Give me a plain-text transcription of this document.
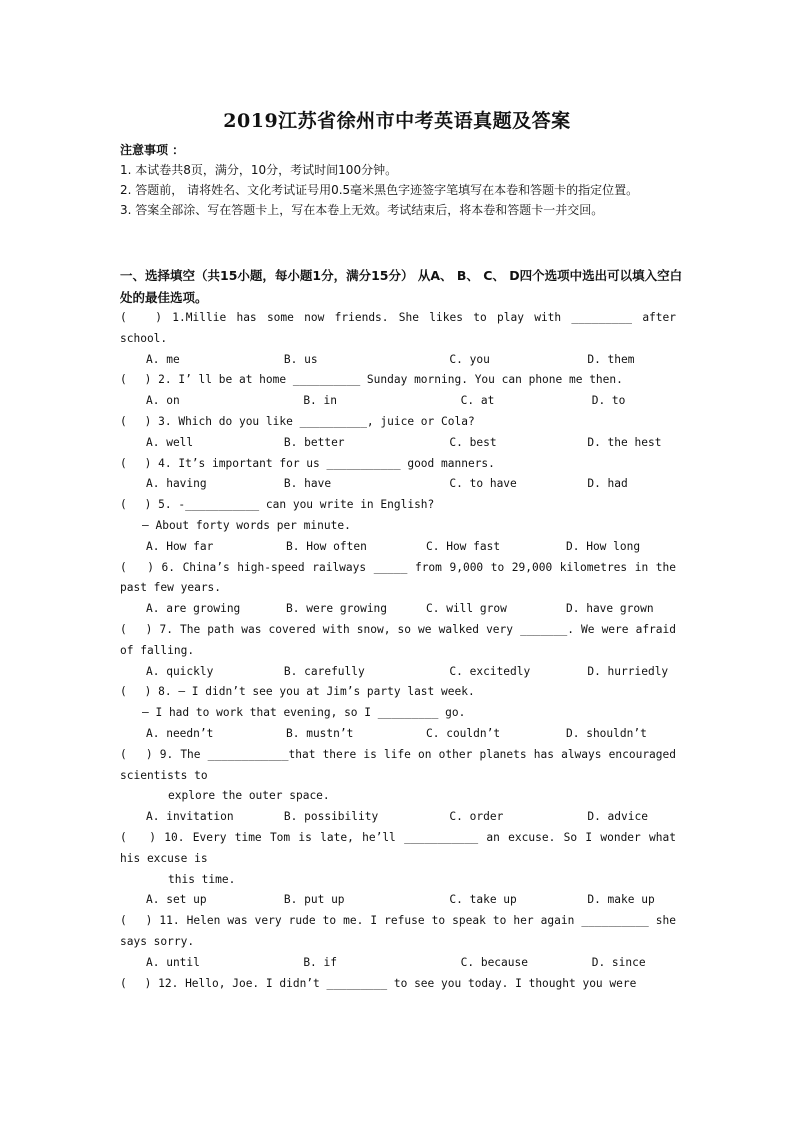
2019江苏省徐州市中考英语真题及答案
注意事项 ：
1. 本试卷共8页，满分，10分，考试时间100分钟。
2. 答题前， 请将姓名、文化考试证号用0.5毫米黑色字迹签字笔填写在本卷和答题卡的指定位置。
3. 答案全部涂、写在答题卡上，写在本卷上无效。考试结束后，将本卷和答题卡一并交回。
一、选择填空（共15小题，每小题1分，满分15分） 从A、 B、 C、 D四个选项中选出可以填入空白处的最佳选项。
(　 ) 1.Millie has some now friends. She likes to play with _________ after school.
A. me	B. us	C. you	D. them
(　 ) 2. I’ ll be at home __________ Sunday morning. You can phone me then.
A. on	B. in	C. at	D. to
(　 ) 3. Which do you like __________, juice or Cola?
A. well	B. better	C. best	D. the hest
(　 ) 4. It’s important for us ___________ good manners.
A. having	B. have	C. to have	D. had
(　 ) 5. -___________ can you write in English?
– About forty words per minute.
A. How far	B. How often	C. How fast	D. How long
(　 ) 6. China’s high-speed railways _____ from 9,000 to 29,000 kilometres in the past few years.
A. are growing	B. were growing	C. will grow	D. have grown
(　 ) 7. The path was covered with snow, so we walked very _______. We were afraid of falling.
A. quickly	B. carefully	C. excitedly	D. hurriedly
(　 ) 8. – I didn’t see you at Jim’s party last week.
– I had to work that evening, so I _________ go.
A. needn’t	B. mustn’t	C. couldn’t	D. shouldn’t
(　 ) 9. The ____________that there is life on other planets has always encouraged scientists to
explore the outer space.
A. invitation	B. possibility	C. order	D. advice
(　 ) 10. Every time Tom is late, he’ll ___________ an excuse. So I wonder what his excuse is
this time.
A. set up	B. put up	C. take up	D. make up
(　 ) 11. Helen was very rude to me. I refuse to speak to her again __________ she says sorry.
A. until	B. if	C. because	D. since
(　 ) 12. Hello, Joe. I didn’t _________ to see you today. I thought you were
